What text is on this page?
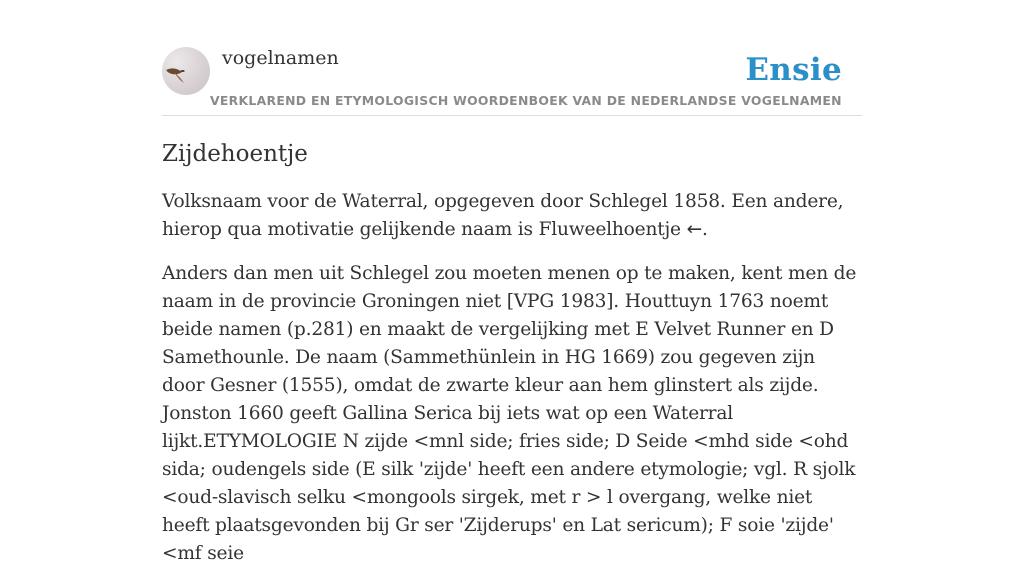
vogelnamen	Ensie
VERKLAREND EN ETYMOLOGISCH WOORDENBOEK VAN DE NEDERLANDSE VOGELNAMEN
Zijdehoentje

Volksnaam voor de Waterral, opgegeven door Schlegel 1858. Een andere, hierop qua motivatie gelijkende naam is Fluweelhoentje ←.

Anders dan men uit Schlegel zou moeten menen op te maken, kent men de naam in de provincie Groningen niet [VPG 1983]. Houttuyn 1763 noemt beide namen (p.281) en maakt de vergelijking met E Velvet Runner en D Samethounle. De naam (Sammethünlein in HG 1669) zou gegeven zijn door Gesner (1555), omdat de zwarte kleur aan hem glinstert als zijde. Jonston 1660 geeft Gallina Serica bij iets wat op een Waterral lijkt.ETYMOLOGIE N zijde <mnl side; fries side; D Seide <mhd side <ohd sida; oudengels side (E silk 'zijde' heeft een andere etymologie; vgl. R sjolk <oud-slavisch selku <mongools sirgek, met r > l overgang, welke niet heeft plaatsgevonden bij Gr ser 'Zijderups' en Lat sericum); F soie 'zijde' <mf seie
